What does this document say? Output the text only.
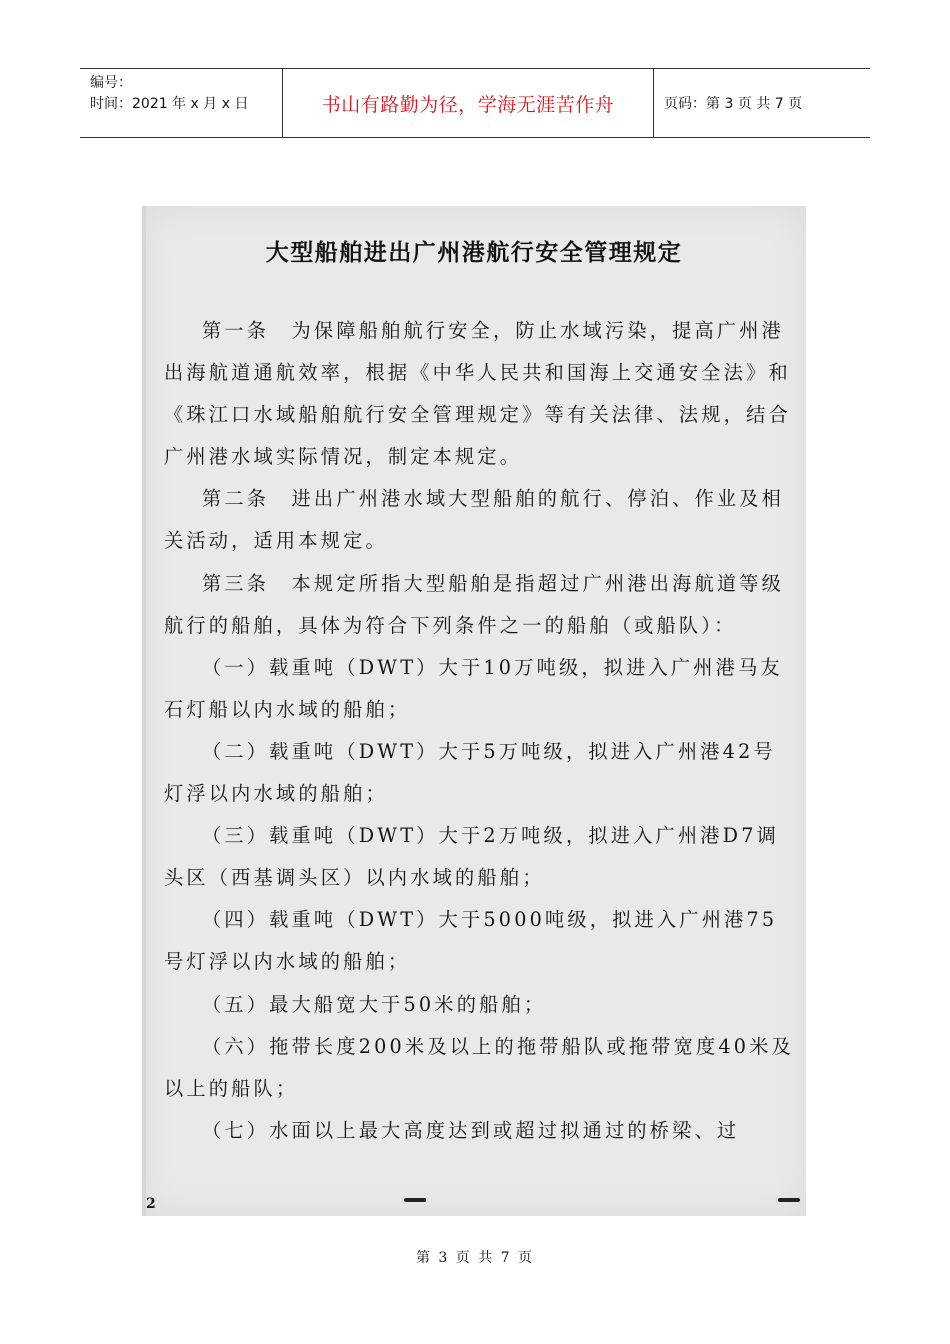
编号：
时间：2021 年 x 月 x 日	书山有路勤为径，学海无涯苦作舟	页码：第 3 页 共 7 页
大型船舶进出广州港航行安全管理规定

第一条　为保障船舶航行安全，防止水域污染，提高广州港出海航道通航效率，根据《中华人民共和国海上交通安全法》和《珠江口水域船舶航行安全管理规定》等有关法律、法规，结合广州港水域实际情况，制定本规定。

第二条　进出广州港水域大型船舶的航行、停泊、作业及相关活动，适用本规定。

第三条　本规定所指大型船舶是指超过广州港出海航道等级航行的船舶，具体为符合下列条件之一的船舶（或船队）：

（一）载重吨（DWT）大于10万吨级，拟进入广州港马友石灯船以内水域的船舶；

（二）载重吨（DWT）大于5万吨级，拟进入广州港42号灯浮以内水域的船舶；

（三）载重吨（DWT）大于2万吨级，拟进入广州港D7调头区（西基调头区）以内水域的船舶；

（四）载重吨（DWT）大于5000吨级，拟进入广州港75号灯浮以内水域的船舶；

（五）最大船宽大于50米的船舶；

（六）拖带长度200米及以上的拖带船队或拖带宽度40米及以上的船队；

（七）水面以上最大高度达到或超过拟通过的桥梁、过

2
第 3 页 共 7 页
